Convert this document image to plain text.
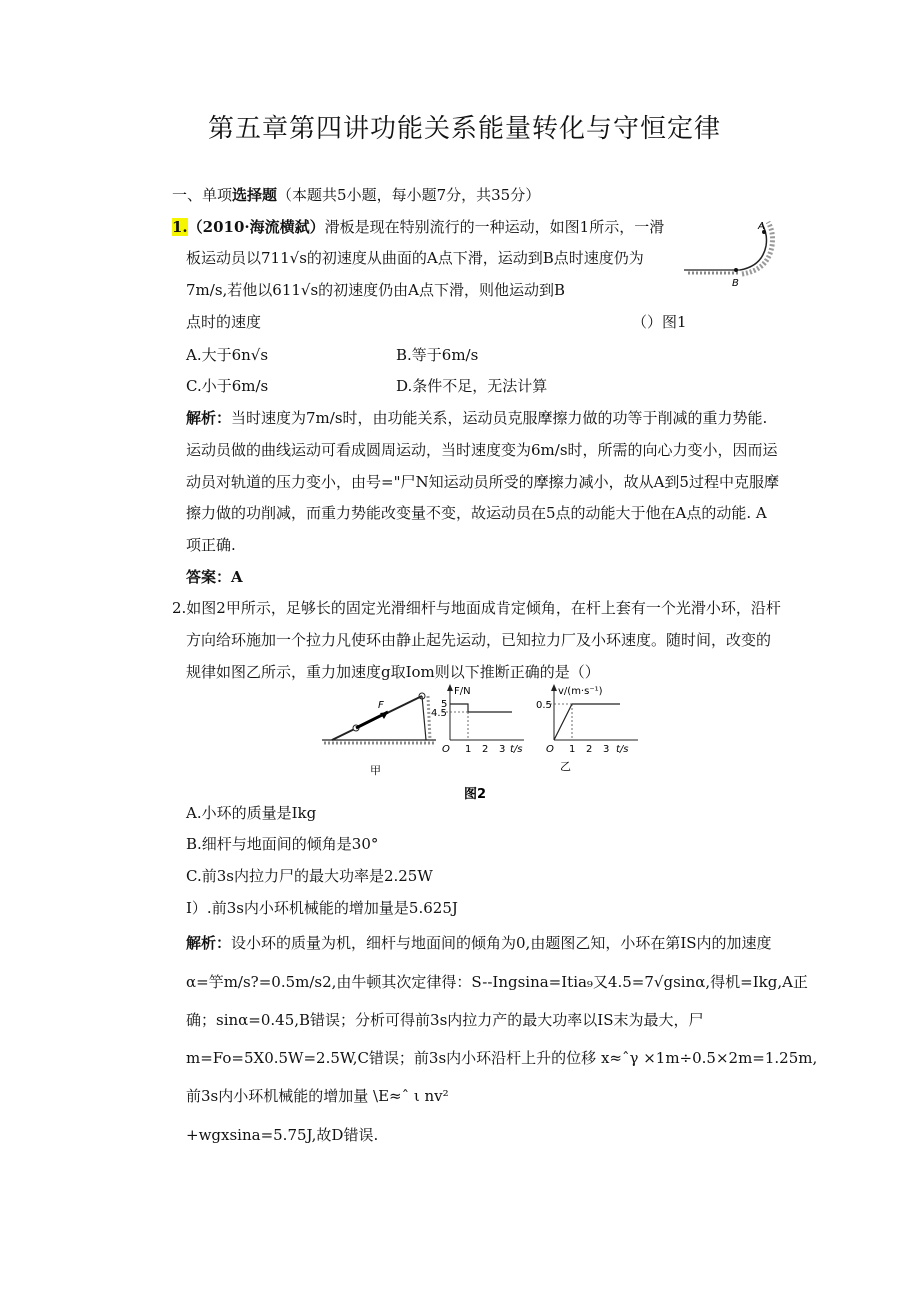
第五章第四讲功能关系能量转化与守恒定律
一、单项选择题（本题共5小题，每小题7分，共35分）
1.（2010·海流横弑）滑板是现在特别流行的一种运动，如图1所示，一滑
板运动员以711√s的初速度从曲面的A点下滑，运动到B点时速度仍为
7m/s,若他以611√s的初速度仍由A点下滑，则他运动到B
点时的速度	（）图1
A
B
A.大于6n√s	B.等于6m/s
C.小于6m/s	D.条件不足，无法计算
解析：当时速度为7m/s时，由功能关系，运动员克服摩擦力做的功等于削减的重力势能.
运动员做的曲线运动可看成圆周运动，当时速度变为6m/s时，所需的向心力变小，因而运
动员对轨道的压力变小，由号="尸N知运动员所受的摩擦力减小，故从A到5过程中克服摩
擦力做的功削减，而重力势能改变量不变，故运动员在5点的动能大于他在A点的动能. A
项正确.
答案：A
2.如图2甲所示，足够长的固定光滑细杆与地面成肯定倾角，在杆上套有一个光滑小环，沿杆
方向给环施加一个拉力凡使环由静止起先运动，已知拉力厂及小环速度。随时间，改变的
规律如图乙所示，重力加速度g取Iom则以下推断正确的是（）
F
甲
F/N
5
4.5
O 1 2 3 t/s
v/(m·s⁻¹)
0.5
O 1 2 3 t/s
乙
图2
A.小环的质量是Ikg
B.细杆与地面间的倾角是30°
C.前3s内拉力尸的最大功率是2.25W
I）.前3s内小环机械能的增加量是5.625J
解析：设小环的质量为机，细杆与地面间的倾角为0,由题图乙知，小环在第IS内的加速度
α=竽m/s?=0.5m/s2,由牛顿其次定律得：S--Ingsina=Itia₉又4.5=7√gsinα,得机=Ikg,A正
确；sinα=0.45,B错误；分析可得前3s内拉力产的最大功率以IS末为最大，尸
m=Fo=5X0.5W=2.5W,C错误；前3s内小环沿杆上升的位移 x≈ˆγ ×1m÷0.5×2m=1.25m,
前3s内小环机械能的增加量 \E≈ˆ ι nv²
+wgxsina=5.75J,故D错误.
